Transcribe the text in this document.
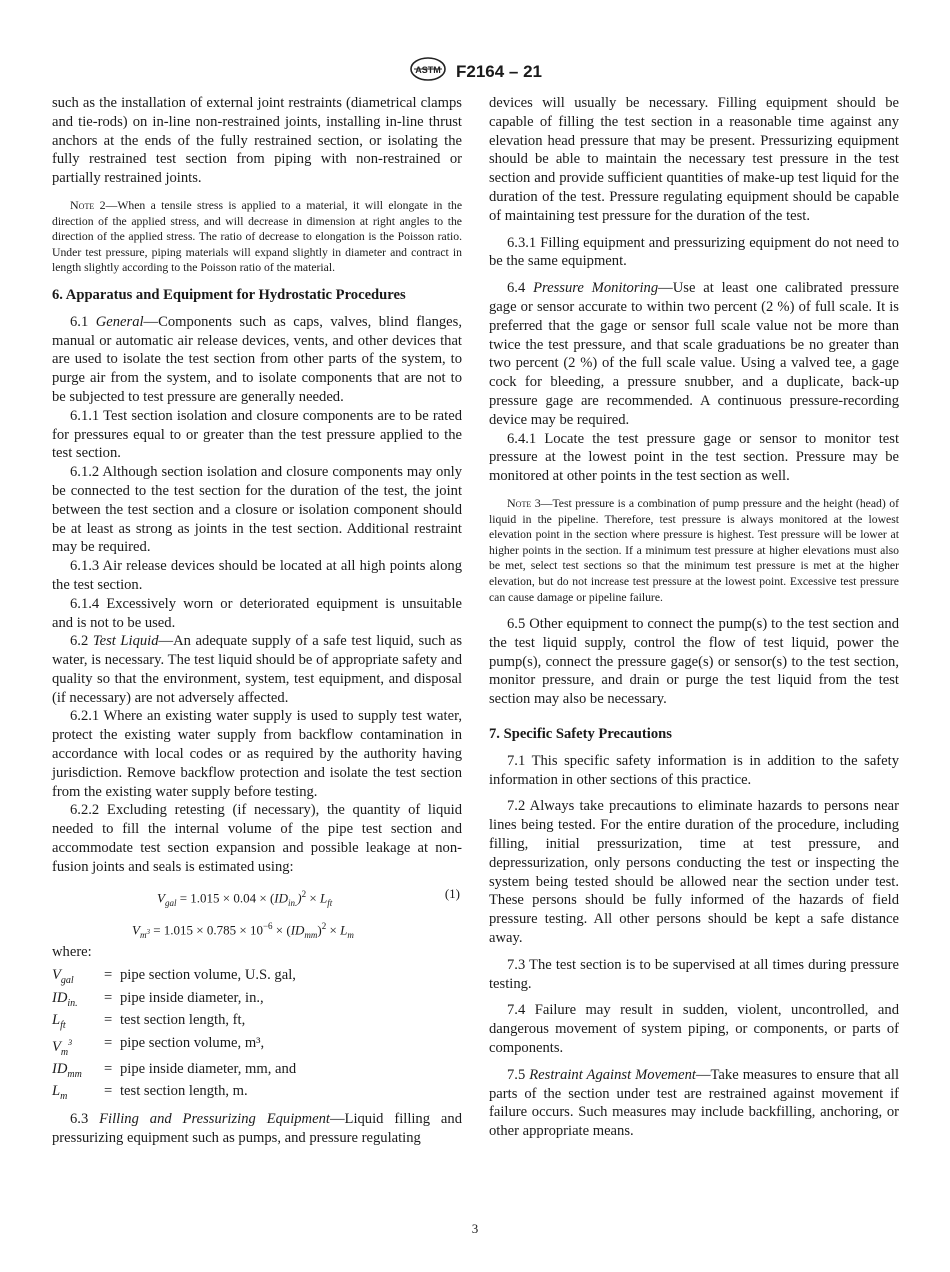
ASTM F2164 – 21

such as the installation of external joint restraints (diametrical clamps and tie-rods) on in-line non-restrained joints, installing in-line thrust anchors at the ends of the fully restrained section, or isolating the fully restrained test section from piping with non-restrained or partially restrained joints.

Note 2—When a tensile stress is applied to a material, it will elongate in the direction of the applied stress, and will decrease in dimension at right angles to the direction of the applied stress. The ratio of decrease to elongation is the Poisson ratio. Under test pressure, piping materials will expand slightly in diameter and contract in length slightly according to the Poisson ratio of the material.
6. Apparatus and Equipment for Hydrostatic Procedures

6.1 General—Components such as caps, valves, blind flanges, manual or automatic air release devices, vents, and other devices that are used to isolate the test section from other parts of the system, to purge air from the system, and to isolate components that are not to be subjected to test pressure are generally needed.

6.1.1 Test section isolation and closure components are to be rated for pressures equal to or greater than the test pressure applied to the test section.

6.1.2 Although section isolation and closure components may only be connected to the test section for the duration of the test, the joint between the test section and a closure or isolation component should be at least as strong as joints in the test section. Additional restraint may be required.

6.1.3 Air release devices should be located at all high points along the test section.

6.1.4 Excessively worn or deteriorated equipment is unsuitable and is not to be used.

6.2 Test Liquid—An adequate supply of a safe test liquid, such as water, is necessary. The test liquid should be of appropriate safety and quality so that the environment, system, test equipment, and disposal (if necessary) are not adversely affected.

6.2.1 Where an existing water supply is used to supply test water, protect the existing water supply from backflow contamination in accordance with local codes or as required by the authority having jurisdiction. Remove backflow protection and isolate the test section from the existing water supply before testing.

6.2.2 Excluding retesting (if necessary), the quantity of liquid needed to fill the internal volume of the pipe test section and accommodate test section expansion and possible leakage at non-fusion joints and seals is estimated using:

$V_{gal} = 1.015 \times 0.04 \times (ID_{in.})^2 \times L_{ft}$
(1)
$V_{m^3} = 1.015 \times 0.785 \times 10^{-6} \times (ID_{mm})^2 \times L_m$

where:

$V_{gal}$	= pipe section volume, U.S. gal,
$ID_{in.}$	= pipe inside diameter, in.,
$L_{ft}$	= test section length, ft,
$V_m^3$	= pipe section volume, m³,
$ID_{mm}$	= pipe inside diameter, mm, and
$L_m$	= test section length, m.

6.3 Filling and Pressurizing Equipment—Liquid filling and pressurizing equipment such as pumps, and pressure regulating

devices will usually be necessary. Filling equipment should be capable of filling the test section in a reasonable time against any elevation head pressure that may be present. Pressurizing equipment should be able to maintain the necessary test pressure in the test section and provide sufficient quantities of make-up test liquid for the duration of the test. Pressure regulating equipment should be capable of maintaining test pressure for the duration of the test.

6.3.1 Filling equipment and pressurizing equipment do not need to be the same equipment.

6.4 Pressure Monitoring—Use at least one calibrated pressure gage or sensor accurate to within two percent (2 %) of full scale. It is preferred that the gage or sensor full scale value not be more than twice the test pressure, and that scale graduations be no greater than two percent (2 %) of the full scale value. Using a valved tee, a gage cock for bleeding, a pressure snubber, and a duplicate, back-up pressure gage are recommended. A continuous pressure-recording device may be required.

6.4.1 Locate the test pressure gage or sensor to monitor test pressure at the lowest point in the test section. Pressure may be monitored at other points in the test section as well.

Note 3—Test pressure is a combination of pump pressure and the height (head) of liquid in the pipeline. Therefore, test pressure is always monitored at the lowest elevation point in the section where pressure is highest. Test pressure will be lower at higher points in the section. If a minimum test pressure at higher elevations must also be met, select test sections so that the minimum test pressure is met at the higher elevation, but do not increase test pressure at the lowest point. Excessive test pressure can cause damage or pipeline failure.

6.5 Other equipment to connect the pump(s) to the test section and the test liquid supply, control the flow of test liquid, power the pump(s), connect the pressure gage(s) or sensor(s) to the test section, monitor pressure, and drain or purge the test liquid from the test section may also be necessary.

7. Specific Safety Precautions

7.1 This specific safety information is in addition to the safety information in other sections of this practice.

7.2 Always take precautions to eliminate hazards to persons near lines being tested. For the entire duration of the procedure, including filling, initial pressurization, time at test pressure, and depressurization, only persons conducting the test or inspecting the system being tested should be allowed near the section under test. These persons should be fully informed of the hazards of field pressure testing. All other persons should be kept a safe distance away.

7.3 The test section is to be supervised at all times during pressure testing.

7.4 Failure may result in sudden, violent, uncontrolled, and dangerous movement of system piping, or components, or parts of components.

7.5 Restraint Against Movement—Take measures to ensure that all parts of the section under test are restrained against movement if failure occurs. Such measures may include backfilling, anchoring, or other appropriate means.

3
